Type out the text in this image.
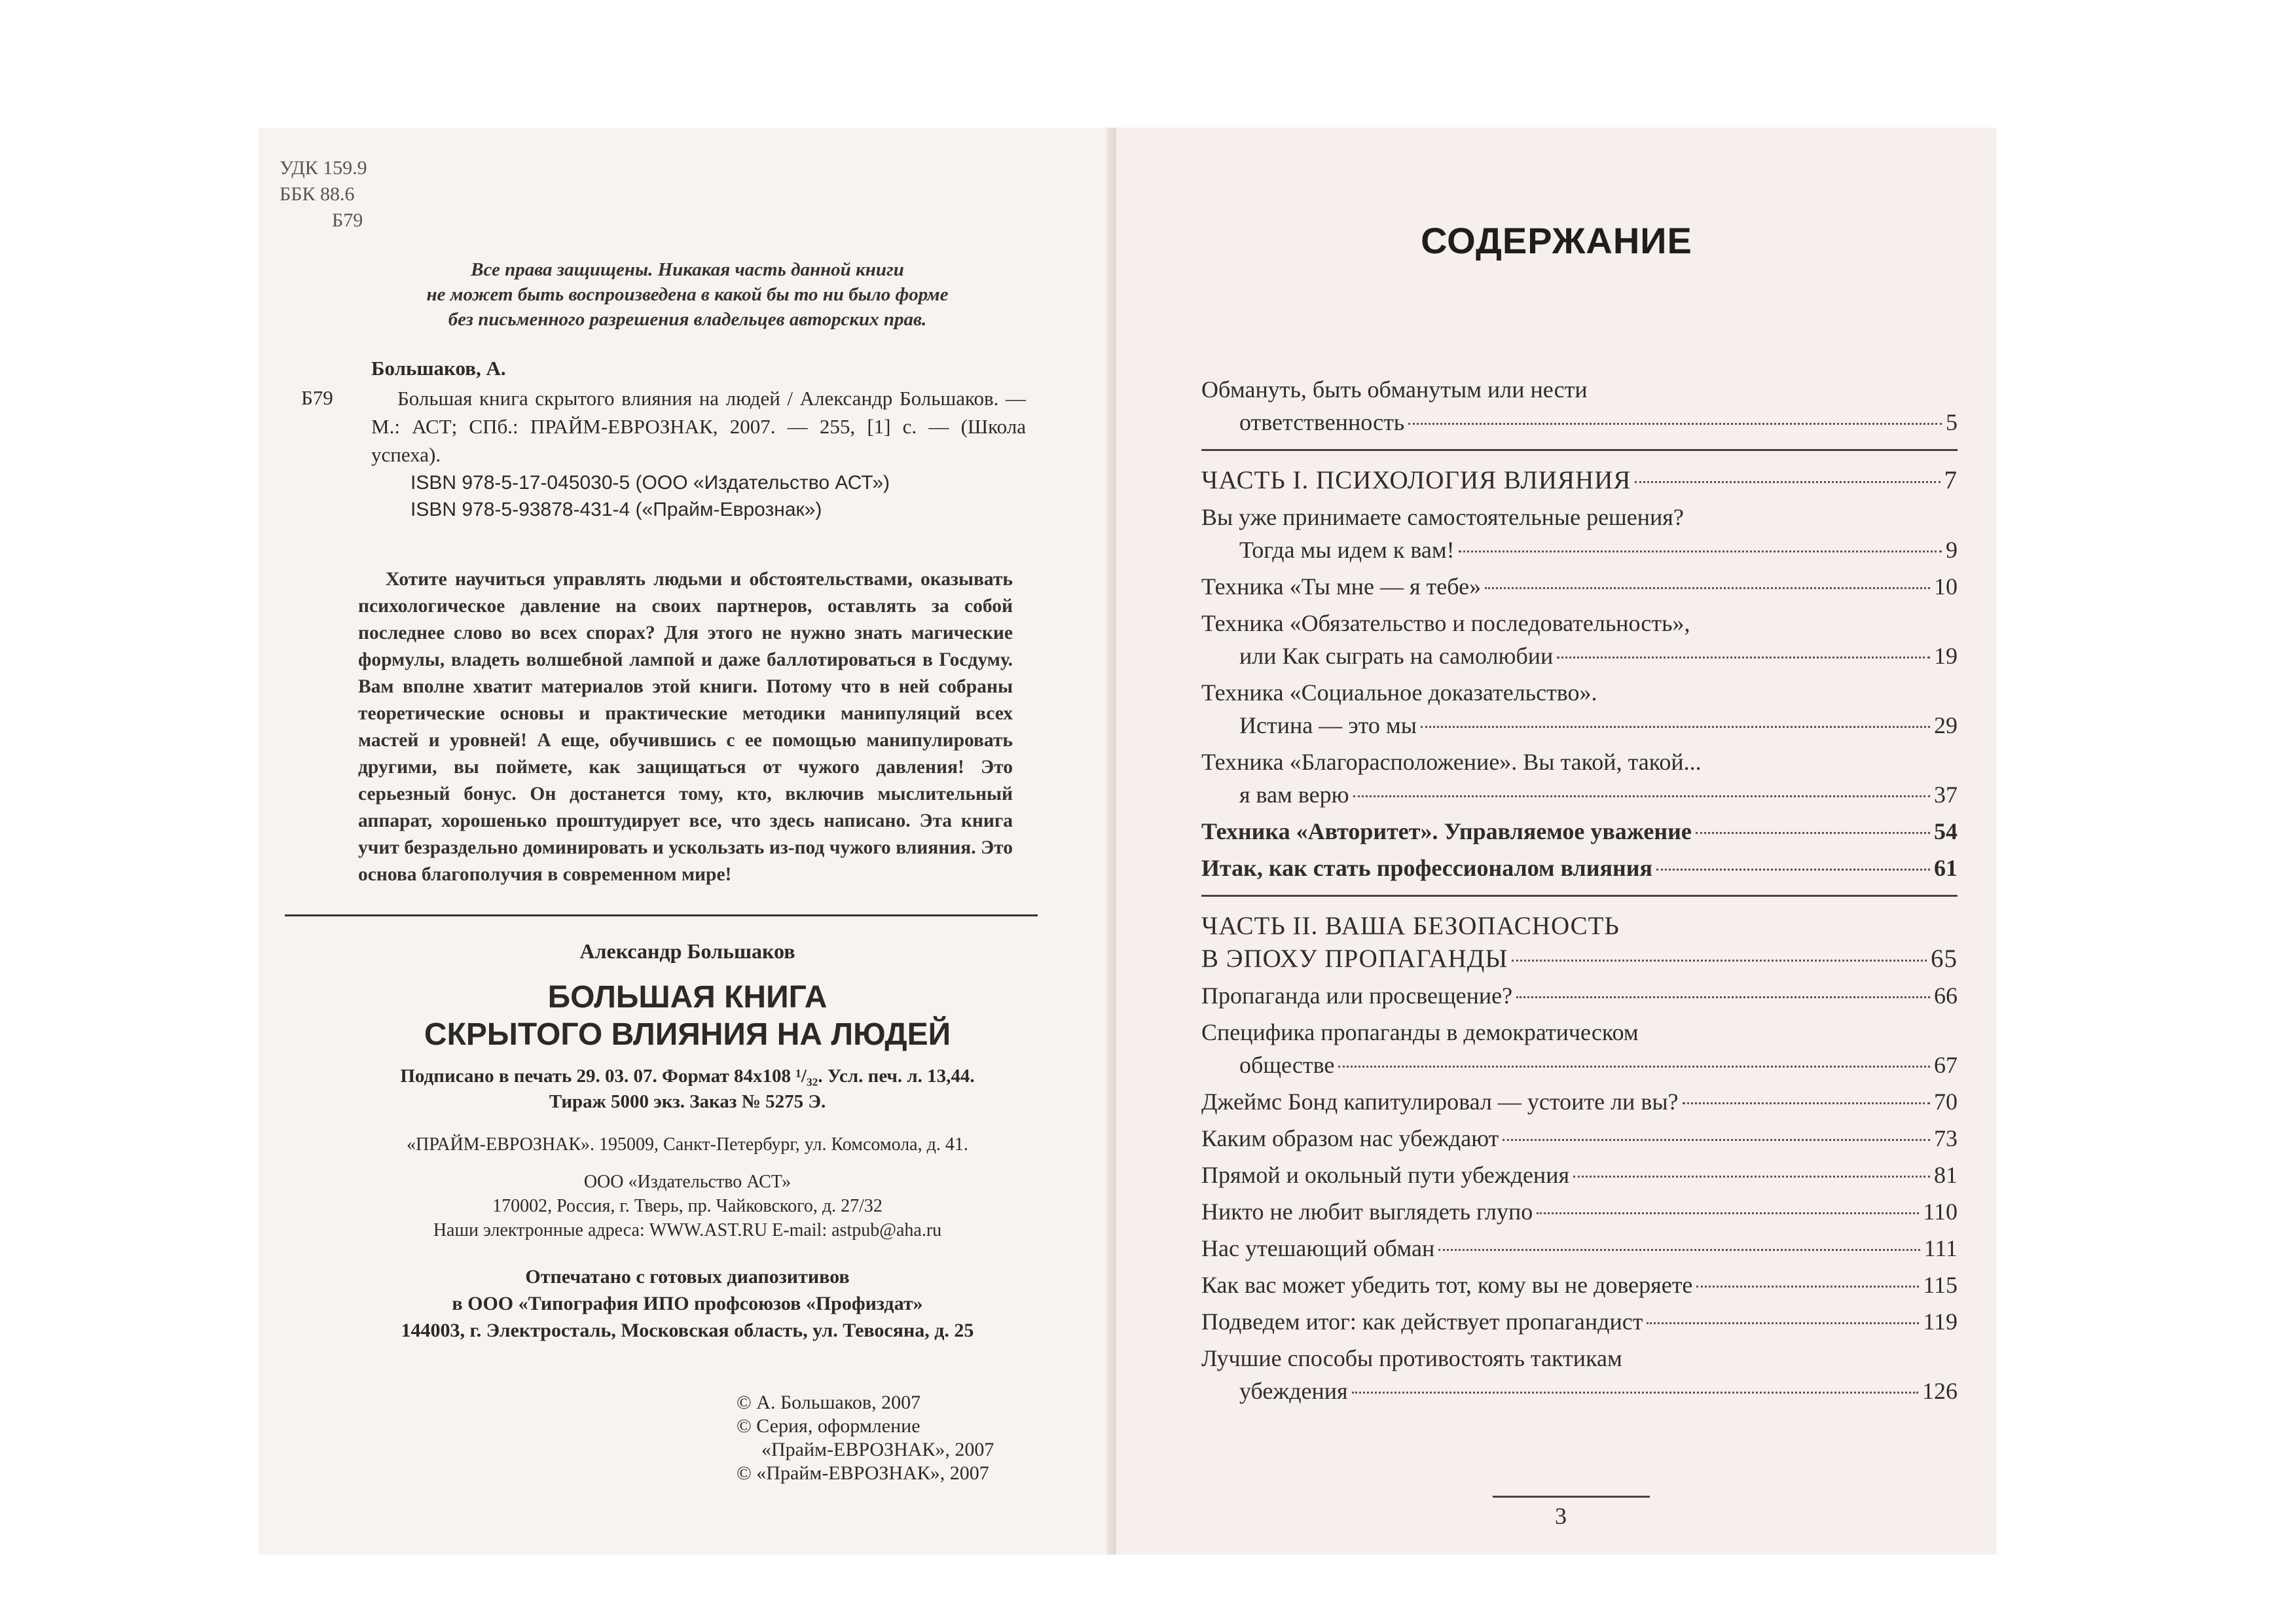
УДК 159.9
ББК 88.6
Б79
Все права защищены. Никакая часть данной книги
не может быть воспроизведена в какой бы то ни было форме
без письменного разрешения владельцев авторских прав.
Большаков, А.
Б79	Большая книга скрытого влияния на людей / Александр Большаков. — М.: АСТ; СПб.: ПРАЙМ-ЕВРОЗНАК, 2007. — 255, [1] с. — (Школа успеха).
ISBN 978-5-17-045030-5 (ООО «Издательство АСТ»)
ISBN 978-5-93878-431-4 («Прайм-Еврознак»)
Хотите научиться управлять людьми и обстоятельствами, оказывать психологическое давление на своих партнеров, оставлять за собой последнее слово во всех спорах? Для этого не нужно знать магические формулы, владеть волшебной лампой и даже баллотироваться в Госдуму. Вам вполне хватит материалов этой книги. Потому что в ней собраны теоретические основы и практические методики манипуляций всех мастей и уровней! А еще, обучившись с ее помощью манипулировать другими, вы поймете, как защищаться от чужого давления! Это серьезный бонус. Он достанется тому, кто, включив мыслительный аппарат, хорошенько проштудирует все, что здесь написано. Эта книга учит безраздельно доминировать и ускользать из-под чужого влияния. Это основа благополучия в современном мире!
Александр Большаков
БОЛЬШАЯ КНИГА
СКРЫТОГО ВЛИЯНИЯ НА ЛЮДЕЙ
Подписано в печать 29. 03. 07. Формат 84x108 ¹/₃₂. Усл. печ. л. 13,44.
Тираж 5000 экз. Заказ № 5275 Э.
«ПРАЙМ-ЕВРОЗНАК». 195009, Санкт-Петербург, ул. Комсомола, д. 41.
ООО «Издательство АСТ»
170002, Россия, г. Тверь, пр. Чайковского, д. 27/32
Наши электронные адреса: WWW.AST.RU E-mail: astpub@aha.ru
Отпечатано с готовых диапозитивов
в ООО «Типография ИПО профсоюзов «Профиздат»
144003, г. Электросталь, Московская область, ул. Тевосяна, д. 25
© А. Большаков, 2007
© Серия, оформление
«Прайм-ЕВРОЗНАК», 2007
© «Прайм-ЕВРОЗНАК», 2007
СОДЕРЖАНИЕ
Обмануть, быть обманутым или нести
ответственность	5
ЧАСТЬ I. ПСИХОЛОГИЯ ВЛИЯНИЯ	7
Вы уже принимаете самостоятельные решения?
Тогда мы идем к вам!	9
Техника «Ты мне — я тебе»	10
Техника «Обязательство и последовательность»,
или Как сыграть на самолюбии	19
Техника «Социальное доказательство».
Истина — это мы	29
Техника «Благорасположение». Вы такой, такой...
я вам верю	37
Техника «Авторитет». Управляемое уважение	54
Итак, как стать профессионалом влияния	61
ЧАСТЬ II. ВАША БЕЗОПАСНОСТЬ
В ЭПОХУ ПРОПАГАНДЫ	65
Пропаганда или просвещение?	66
Специфика пропаганды в демократическом
обществе	67
Джеймс Бонд капитулировал — устоите ли вы?	70
Каким образом нас убеждают	73
Прямой и окольный пути убеждения	81
Никто не любит выглядеть глупо	110
Нас утешающий обман	111
Как вас может убедить тот, кому вы не доверяете	115
Подведем итог: как действует пропагандист	119
Лучшие способы противостоять тактикам
убеждения	126
3
